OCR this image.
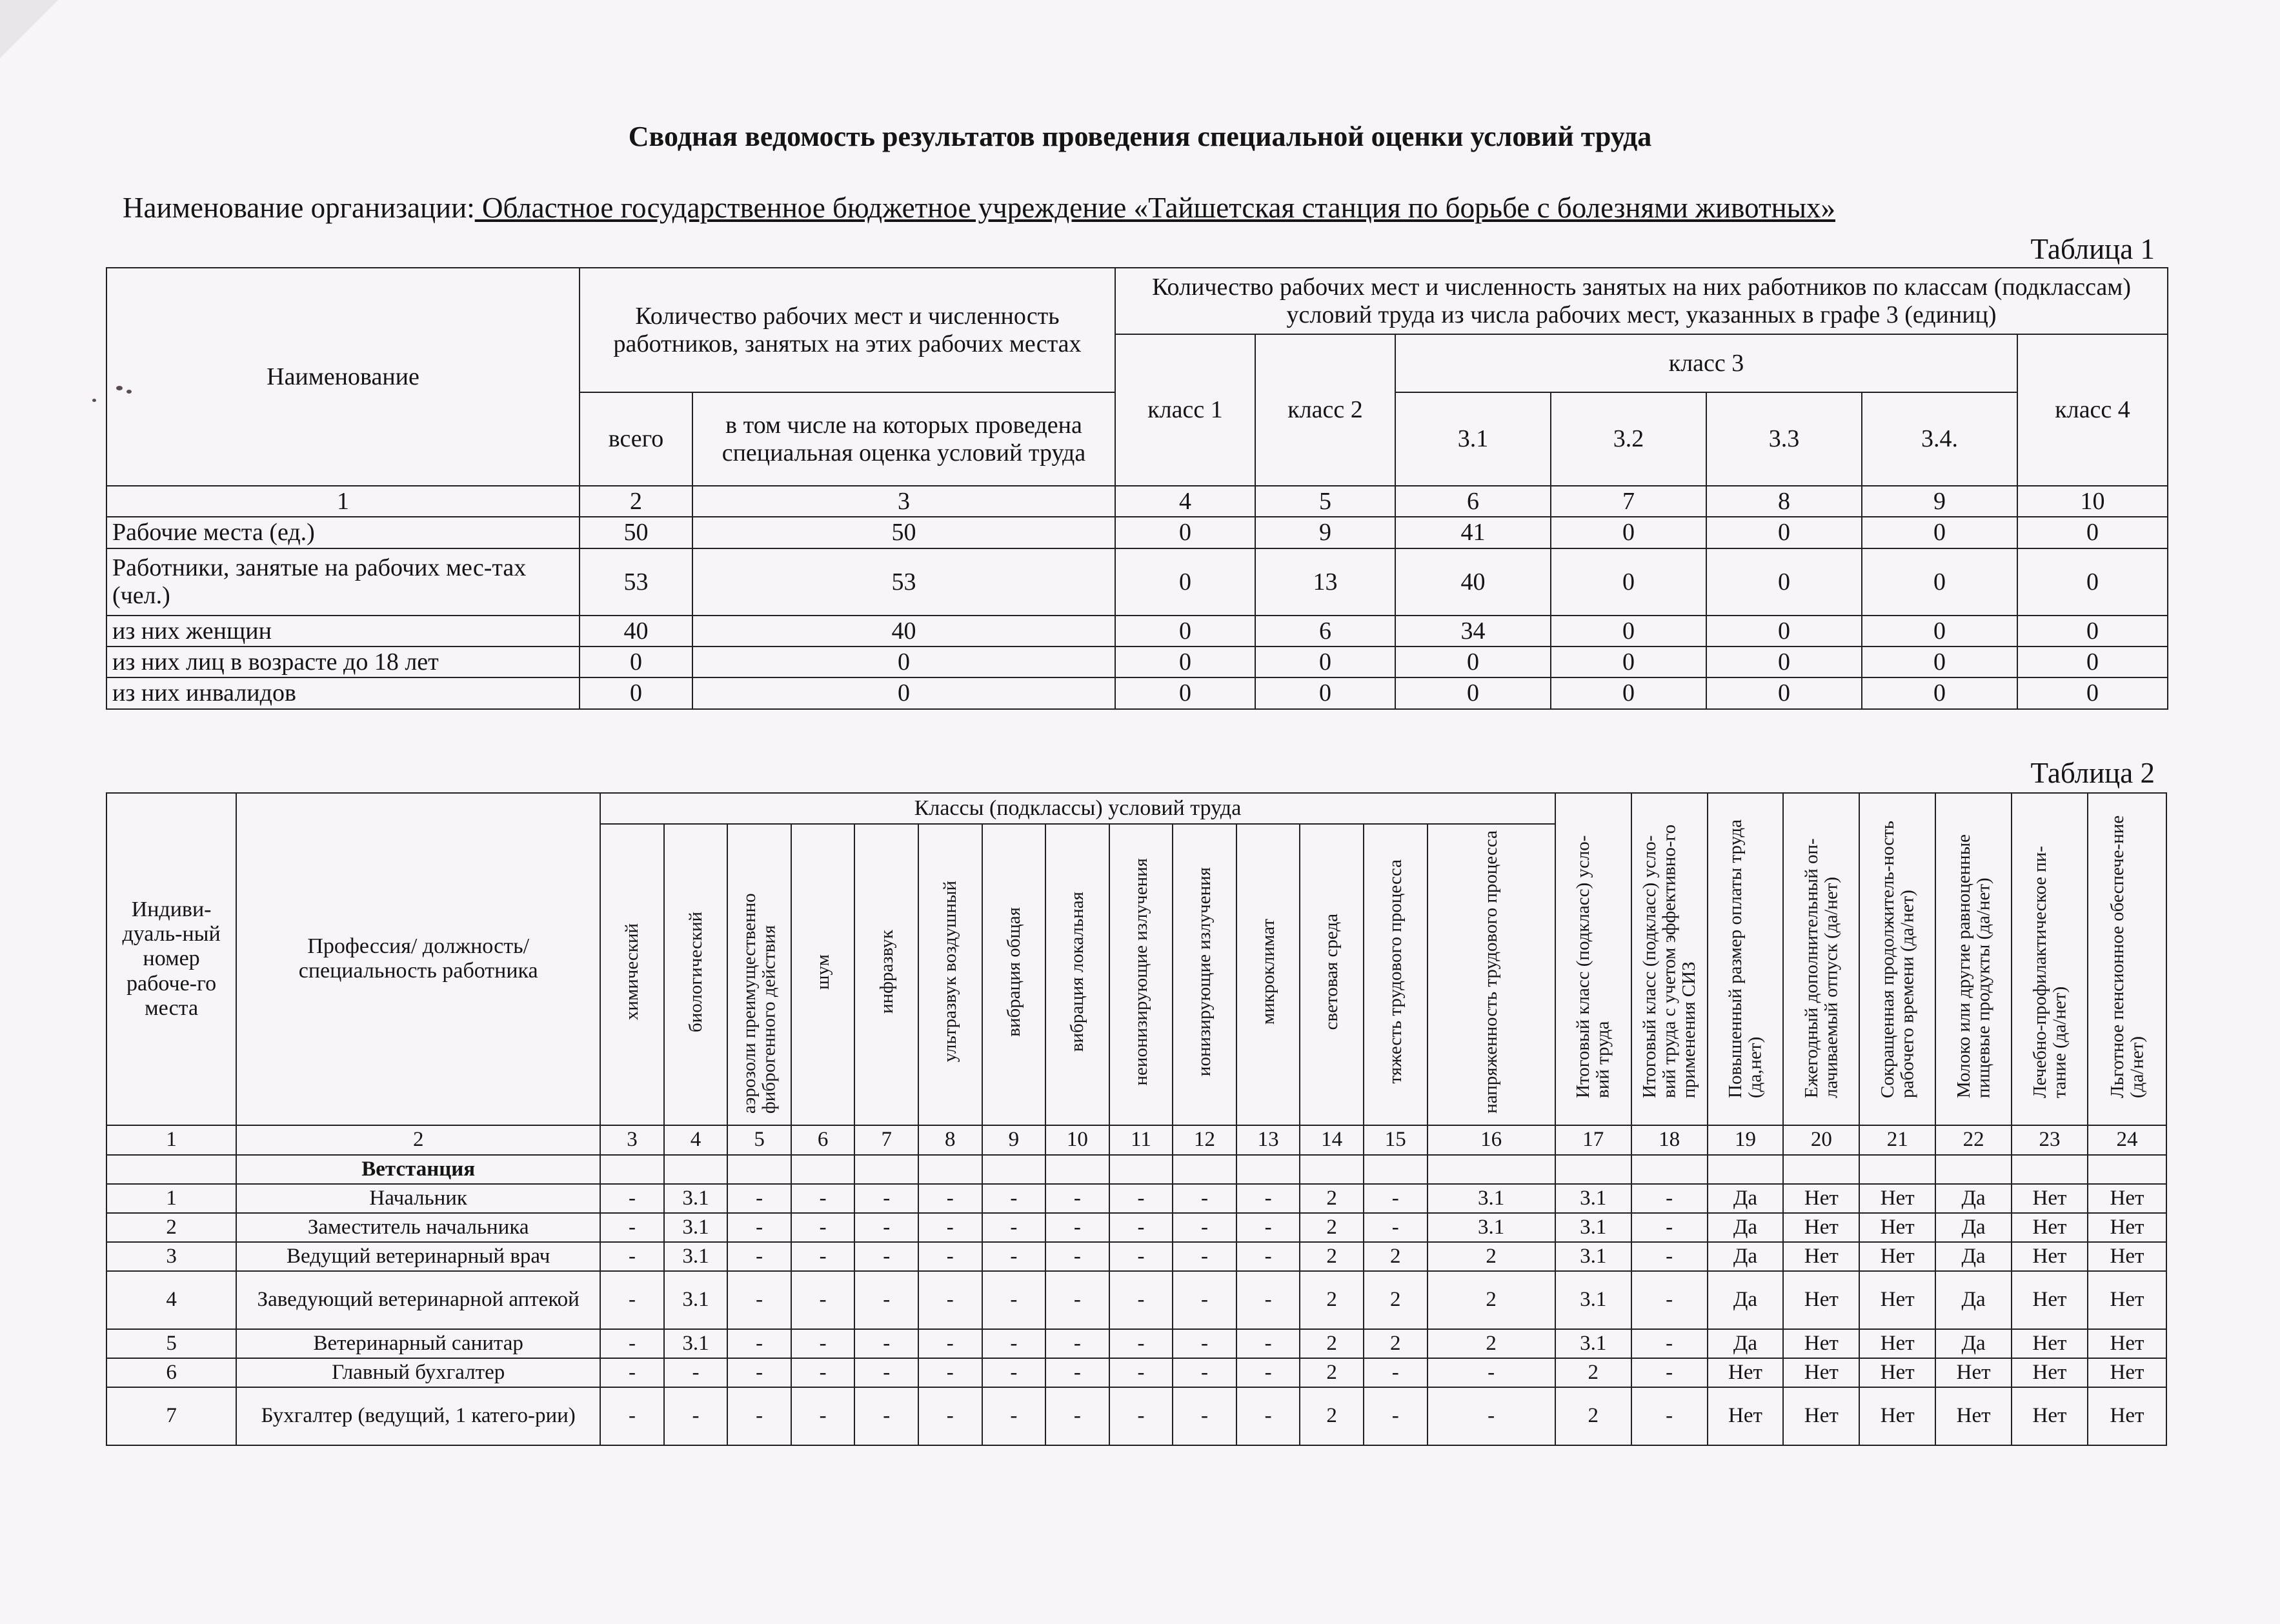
Сводная ведомость результатов проведения специальной оценки условий труда
Наименование организации: Областное государственное бюджетное учреждение «Тайшетская станция по борьбе с болезнями животных»
Таблица 1
Наименование	Количество рабочих мест и численность работников, занятых на этих рабочих местах		Количество рабочих мест и численность занятых на них работников по классам (подклассам) условий труда из числа рабочих мест, указанных в графе 3 (единиц)						
			класс 1	класс 2	класс 3				класс 4
	всего	в том числе на которых проведена специальная оценка условий труда			3.1	3.2	3.3	3.4.	
1	2	3	4	5	6	7	8	9	10
Рабочие места (ед.)	50	50	0	9	41	0	0	0	0
Работники, занятые на рабочих мес-тах (чел.)	53	53	0	13	40	0	0	0	0
из них женщин	40	40	0	6	34	0	0	0	0
из них лиц в возрасте до 18 лет	0	0	0	0	0	0	0	0	0
из них инвалидов	0	0	0	0	0	0	0	0	0
Таблица 2
Индиви-дуаль-ный номер рабоче-го места	Профессия/ должность/ специальность работника	Классы (подклассы) условий труда														Итоговый класс (подкласс) усло-вий труда	Итоговый класс (подкласс) усло-вий труда с учетом эффективно-го применения СИЗ	Повышенный размер оплаты труда (да,нет)	Ежегодный дополнительный оп-лачиваемый отпуск (да/нет)	Сокращенная продолжитель-ность рабочего времени (да/нет)	Молоко или другие равноценные пищевые продукты (да/нет)	Лечебно-профилактическое пи-тание (да/нет)	Льготное пенсионное обеспече-ние (да/нет)
		химический	биологический	аэрозоли преимущественно фиброгенного действия	шум	инфразвук	ультразвук воздушный	вибрация общая	вибрация локальная	неионизирующие излучения	ионизирующие излучения	микроклимат	световая среда	тяжесть трудового процесса	напряженность трудового процесса								
1	2	3	4	5	6	7	8	9	10	11	12	13	14	15	16	17	18	19	20	21	22	23	24
	Ветстанция																						
1	Начальник	-	3.1	-	-	-	-	-	-	-	-	-	2	-	3.1	3.1	-	Да	Нет	Нет	Да	Нет	Нет
2	Заместитель начальника	-	3.1	-	-	-	-	-	-	-	-	-	2	-	3.1	3.1	-	Да	Нет	Нет	Да	Нет	Нет
3	Ведущий ветеринарный врач	-	3.1	-	-	-	-	-	-	-	-	-	2	2	2	3.1	-	Да	Нет	Нет	Да	Нет	Нет
4	Заведующий ветеринарной аптекой	-	3.1	-	-	-	-	-	-	-	-	-	2	2	2	3.1	-	Да	Нет	Нет	Да	Нет	Нет
5	Ветеринарный санитар	-	3.1	-	-	-	-	-	-	-	-	-	2	2	2	3.1	-	Да	Нет	Нет	Да	Нет	Нет
6	Главный бухгалтер	-	-	-	-	-	-	-	-	-	-	-	2	-	-	2	-	Нет	Нет	Нет	Нет	Нет	Нет
7	Бухгалтер (ведущий, 1 катего-рии)	-	-	-	-	-	-	-	-	-	-	-	2	-	-	2	-	Нет	Нет	Нет	Нет	Нет	Нет
